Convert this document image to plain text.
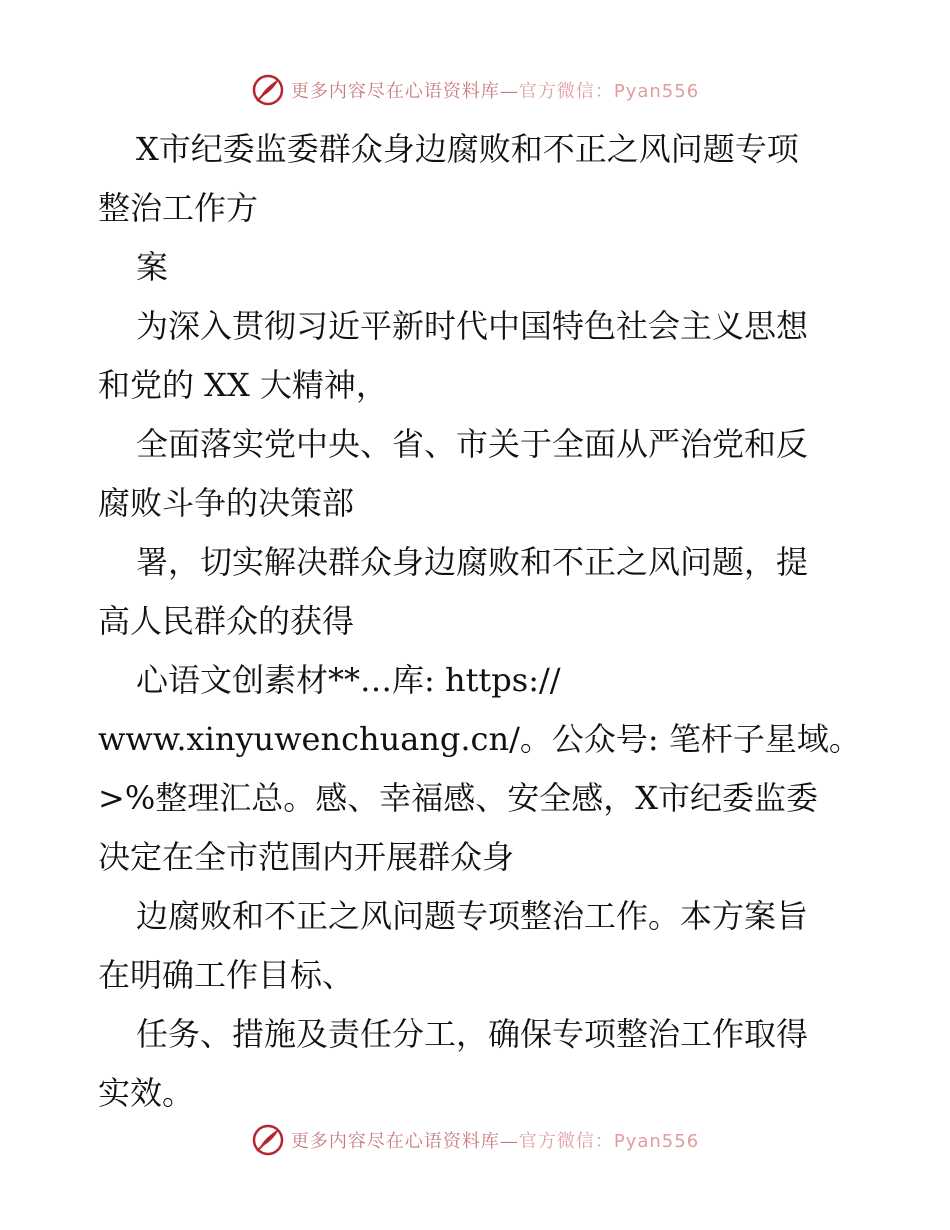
更多内容尽在心语资料库—官方微信：Pyan556
X市纪委监委群众身边腐败和不正之风问题专项
整治工作方
案
为深入贯彻习近平新时代中国特色社会主义思想
和党的 XX 大精神，
全面落实党中央、省、市关于全面从严治党和反
腐败斗争的决策部
署，切实解决群众身边腐败和不正之风问题，提
高人民群众的获得
心语文创素材**…库: https://
www.xinyuwenchuang.cn/。公众号: 笔杆子星域。
>%整理汇总。感、幸福感、安全感，X市纪委监委
决定在全市范围内开展群众身
边腐败和不正之风问题专项整治工作。本方案旨
在明确工作目标、
任务、措施及责任分工，确保专项整治工作取得
实效。
更多内容尽在心语资料库—官方微信：Pyan556
